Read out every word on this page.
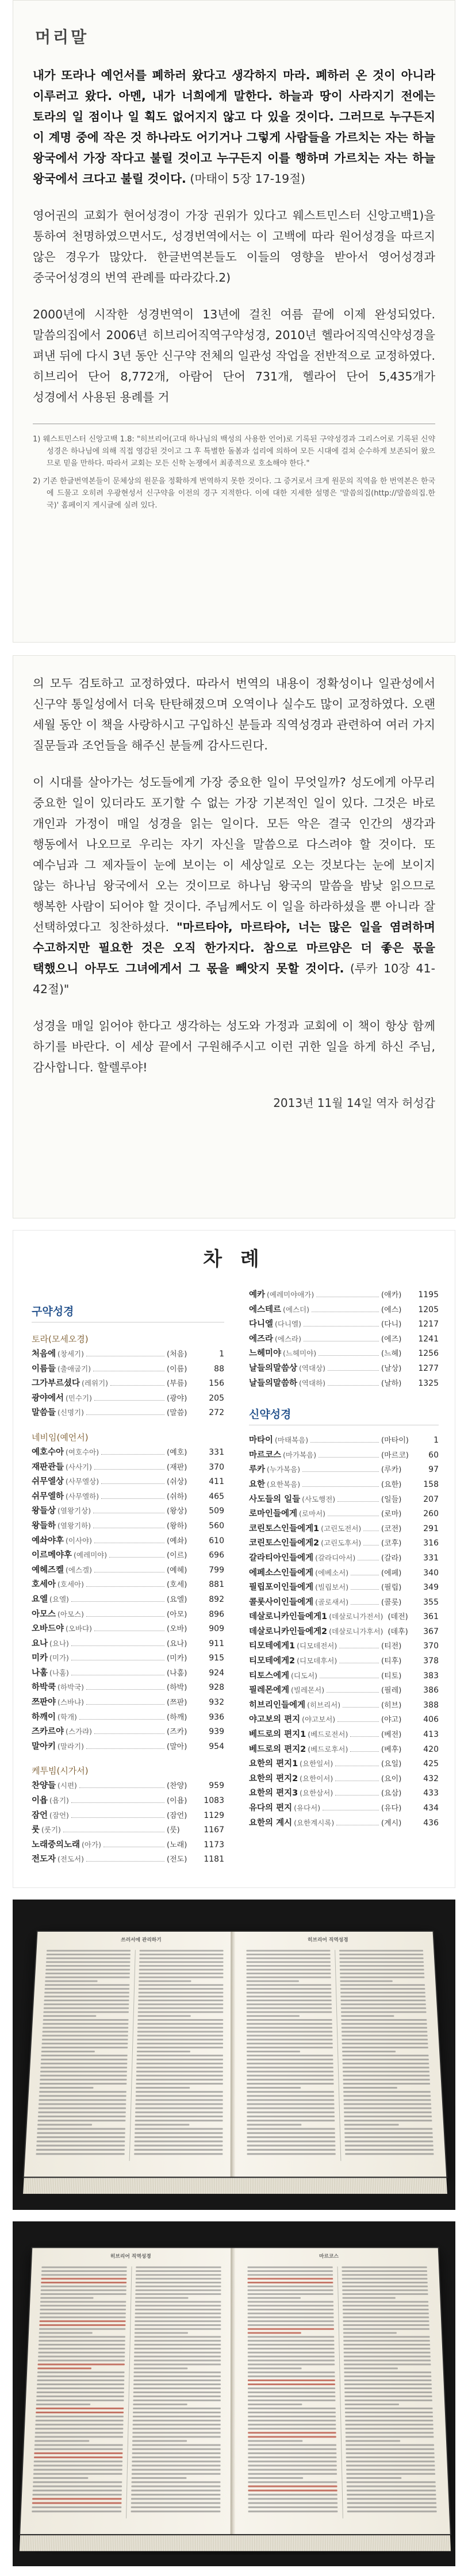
머리말

내가 또라나 예언서를 폐하러 왔다고 생각하지 마라. 폐하러 온 것이 아니라 이루러고 왔다. 아멘, 내가 너희에게 말한다. 하늘과 땅이 사라지기 전에는 토라의 일 점이나 일 획도 없어지지 않고 다 있을 것이다. 그러므로 누구든지 이 계명 중에 작은 것 하나라도 어기거나 그렇게 사람들을 가르치는 자는 하늘 왕국에서 가장 작다고 불릴 것이고 누구든지 이를 행하며 가르치는 자는 하늘 왕국에서 크다고 불릴 것이다. (마태이 5장 17-19절)

영어권의 교회가 현어성경이 가장 권위가 있다고 웨스트민스터 신앙고백1)을 통하여 천명하였으면서도, 성경번역에서는 이 고백에 따라 원어성경을 따르지 않은 경우가 많았다. 한글번역본들도 이들의 영향을 받아서 영어성경과 중국어성경의 번역 관례를 따라갔다.2)

2000년에 시작한 성경번역이 13년에 걸친 여름 끝에 이제 완성되었다. 말씀의집에서 2006년 히브리어직역구약성경, 2010년 헬라어직역신약성경을 펴낸 뒤에 다시 3년 동안 신구약 전체의 일관성 작업을 전반적으로 교정하였다. 히브리어 단어 8,772개, 아람어 단어 731개, 헬라어 단어 5,435개가 성경에서 사용된 용례를 거

1) 웨스트민스터 신앙고백 1.8: "히브리어(고대 하나님의 백성의 사용한 언어)로 기록된 구약성경과 그리스어로 기록된 신약성경은 하나님에 의해 직접 영감된 것이고 그 후 특별한 돌봄과 섭리에 의하여 모든 시대에 걸쳐 순수하게 보존되어 왔으므로 믿을 만하다. 따라서 교회는 모든 신학 논쟁에서 최종적으로 호소해야 한다."

2) 기존 한글번역본들이 문체상의 원문을 정확하게 번역하지 못한 것이다. 그 증거로서 크게 원문의 직역을 한 번역본은 한국에 드물고 오히려 우광현성서 신구약을 이전의 경구 지적한다. 이에 대한 지세한 설명은 '말씀의집(http://말씀의집.한국)' 홈페이지 게시글에 실려 있다.

의 모두 검토하고 교정하였다. 따라서 번역의 내용이 정확성이나 일관성에서 신구약 통일성에서 더욱 탄탄해졌으며 오역이나 실수도 많이 교정하였다. 오랜 세월 동안 이 책을 사랑하시고 구입하신 분들과 직역성경과 관련하여 여러 가지 질문들과 조언들을 해주신 분들께 감사드린다.

이 시대를 살아가는 성도들에게 가장 중요한 일이 무엇일까? 성도에게 아무리 중요한 일이 있더라도 포기할 수 없는 가장 기본적인 일이 있다. 그것은 바로 개인과 가정이 매일 성경을 읽는 일이다. 모든 악은 결국 인간의 생각과 행동에서 나오므로 우리는 자기 자신을 말씀으로 다스려야 할 것이다. 또 예수님과 그 제자들이 눈에 보이는 이 세상일로 오는 것보다는 눈에 보이지 않는 하나님 왕국에서 오는 것이므로 하나님 왕국의 말씀을 밤낮 읽으므로 행복한 사람이 되어야 할 것이다. 주님께서도 이 일을 하라하셨을 뿐 아니라 잘 선택하였다고 칭찬하셨다. "마르타야, 마르타야, 너는 많은 일을 염려하며 수고하지만 필요한 것은 오직 한가지다. 참으로 마르얌은 더 좋은 몫을 택했으니 아무도 그녀에게서 그 몫을 빼앗지 못할 것이다. (루카 10장 41-42절)"

성경을 매일 읽어야 한다고 생각하는 성도와 가정과 교회에 이 책이 항상 함께 하기를 바란다. 이 세상 끝에서 구원해주시고 이런 귀한 일을 하게 하신 주님, 감사합니다. 할렐루야!

2013년 11월 14일 역자 허성갑
차 례
구약성경
토라(모세오경)
처음에 (창세기)	(처음)	1
이름들 (출애굽기)	(이름)	88
그가부르셨다 (레위기)	(부름)	156
광야에서 (민수기)	(광야)	205
말씀들 (신명기)	(말씀)	272
네비임(예언서)
예호수아 (여호수아)	(예호)	331
재판관들 (사사기)	(재판)	370
쉬무엘상 (사무엘상)	(쉬상)	411
쉬무엘하 (사무엘하)	(쉬하)	465
왕들상 (열왕기상)	(왕상)	509
왕들하 (열왕기하)	(왕하)	560
예솨야후 (이사야)	(예솨)	610
이르메야후 (예레미야)	(이르)	696
예헤즈켈 (에스겔)	(예헤)	799
호세아 (호세아)	(호세)	881
요엘 (요엘)	(요엘)	892
아모스 (아모스)	(아모)	896
오바드야 (오바댜)	(오바)	909
요나 (요나)	(요나)	911
미카 (미가)	(미카)	915
나훔 (나훔)	(나훔)	924
하박쿡 (하박국)	(하박)	928
쯔판야 (스바냐)	(쯔판)	932
하깨이 (학개)	(하깨)	936
즈카르야 (스가랴)	(즈카)	939
말아키 (말라기)	(말아)	954
케투빔(시가서)
찬양들 (시편)	(찬양)	959
이욥 (욥기)	(이욥)	1083
잠언 (잠언)	(잠언)	1129
룻 (룻기)	(룻)	1167
노래중의노래 (아가)	(노래)	1173
전도자 (전도서)	(전도)	1181
예카 (예레미야애가)	(애카)	1195
에스테르 (에스더)	(에스)	1205
다니엘 (다니엘)	(다니)	1217
에즈라 (에스라)	(에즈)	1241
느헤미야 (느헤미야)	(느헤)	1256
날들의말씀상 (역대상)	(날상)	1277
날들의말씀하 (역대하)	(날하)	1325
신약성경
마타이 (마태복음)	(마타이)	1
마르코스 (마가복음)	(마르코)	60
루카 (누가복음)	(루카)	97
요한 (요한복음)	(요한)	158
사도들의 일들 (사도행전)	(일들)	207
로마인들에게 (로마서)	(로마)	260
코린토스인들에게1 (고린도전서)	(코전)	291
코린토스인들에게2 (고린도후서)	(코후)	316
갈라티아인들에게 (갈라디아서)	(갈라)	331
에페소스인들에게 (에베소서)	(에페)	340
필립포이인들에게 (빌립보서)	(필립)	349
콜롯사이인들에게 (골로새서)	(콜롯)	355
데살로니카인들에게1 (데살로니가전서) (데전)	361
데살로니카인들에게2 (데살로니가후서) (데후)	367
티모테에게1 (디모데전서)	(티전)	370
티모테에게2 (디모데후서)	(티후)	378
티토스에게 (디도서)	(티토)	383
필레몬에게 (빌레몬서)	(필레)	386
히브리인들에게 (히브리서)	(히브)	388
야고보의 편지 (야고보서)	(야고)	406
베드로의 편지1 (베드로전서)	(베전)	413
베드로의 편지2 (베드로후서)	(베후)	420
요한의 편지1 (요한일서)	(요일)	425
요한의 편지2 (요한이서)	(요이)	432
요한의 편지3 (요한삼서)	(요삼)	433
유다의 편지 (유다서)	(유다)	434
요한의 계시 (요한계시록)	(계시)	436
쓰러서에 관리하기	히브리어 직역성경
히브리어 직역성경	마르코스
